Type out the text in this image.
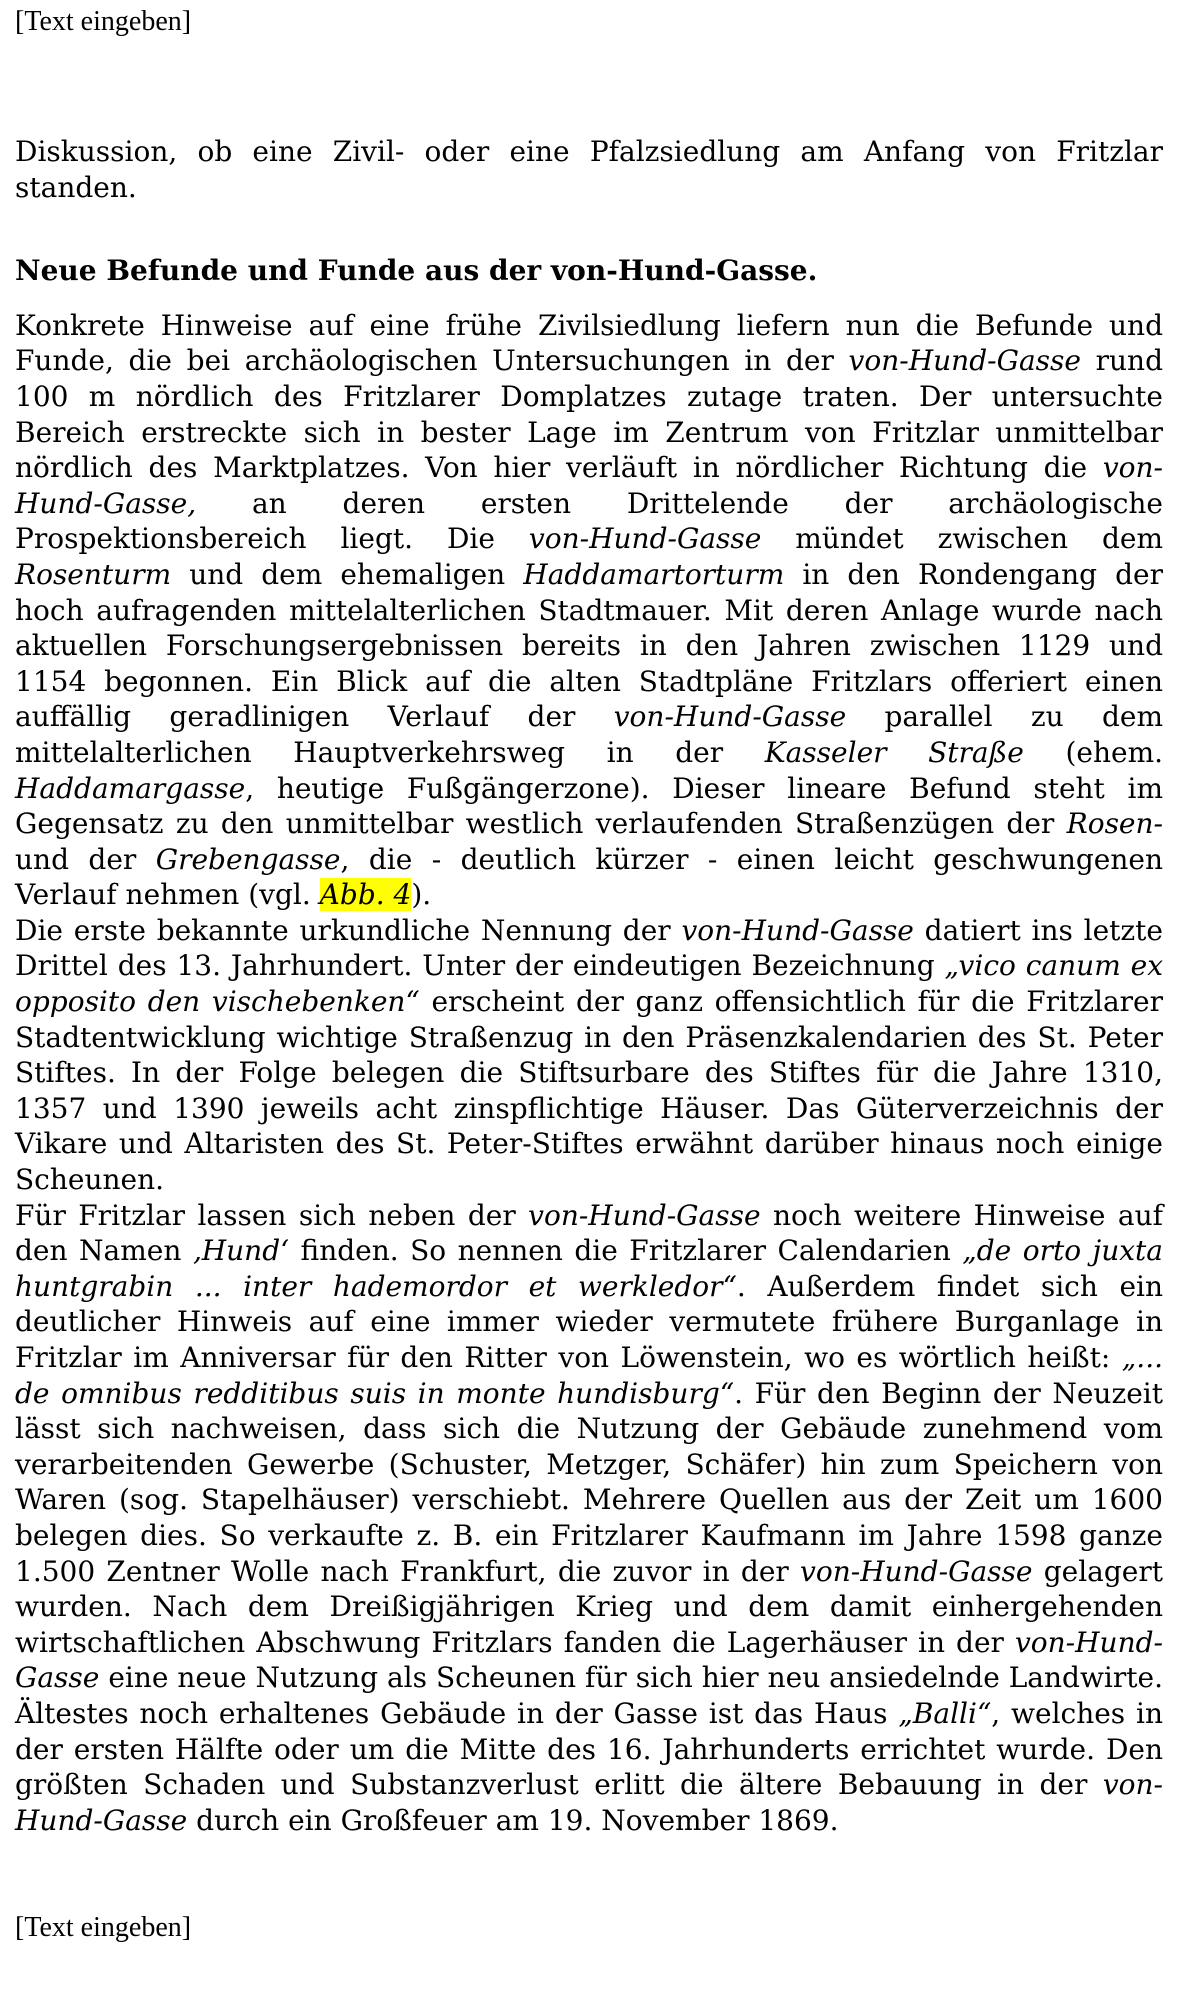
[Text eingeben]

Diskussion, ob eine Zivil- oder eine Pfalzsiedlung am Anfang von Fritzlar standen.

Neue Befunde und Funde aus der von-Hund-Gasse.

Konkrete Hinweise auf eine frühe Zivilsiedlung liefern nun die Befunde und Funde, die bei archäologischen Untersuchungen in der von-Hund-Gasse rund 100 m nördlich des Fritzlarer Domplatzes zutage traten. Der untersuchte Bereich erstreckte sich in bester Lage im Zentrum von Fritzlar unmittelbar nördlich des Marktplatzes. Von hier verläuft in nördlicher Richtung die von-Hund-Gasse, an deren ersten Drittelende der archäologische Prospektionsbereich liegt. Die von-Hund-Gasse mündet zwischen dem Rosenturm und dem ehemaligen Haddamartorturm in den Rondengang der hoch aufragenden mittelalterlichen Stadtmauer. Mit deren Anlage wurde nach aktuellen Forschungsergebnissen bereits in den Jahren zwischen 1129 und 1154 begonnen. Ein Blick auf die alten Stadtpläne Fritzlars offeriert einen auffällig geradlinigen Verlauf der von-Hund-Gasse parallel zu dem mittelalterlichen Hauptverkehrsweg in der Kasseler Straße (ehem. Haddamargasse, heutige Fußgängerzone). Dieser lineare Befund steht im Gegensatz zu den unmittelbar westlich verlaufenden Straßenzügen der Rosen- und der Grebengasse, die - deutlich kürzer - einen leicht geschwungenen Verlauf nehmen (vgl. Abb. 4).

Die erste bekannte urkundliche Nennung der von-Hund-Gasse datiert ins letzte Drittel des 13. Jahrhundert. Unter der eindeutigen Bezeichnung „vico canum ex opposito den vischebenken“ erscheint der ganz offensichtlich für die Fritzlarer Stadtentwicklung wichtige Straßenzug in den Präsenzkalendarien des St. Peter Stiftes. In der Folge belegen die Stiftsurbare des Stiftes für die Jahre 1310, 1357 und 1390 jeweils acht zinspflichtige Häuser. Das Güterverzeichnis der Vikare und Altaristen des St. Peter-Stiftes erwähnt darüber hinaus noch einige Scheunen.

Für Fritzlar lassen sich neben der von-Hund-Gasse noch weitere Hinweise auf den Namen ‚Hund‘ finden. So nennen die Fritzlarer Calendarien „de orto juxta huntgrabin ... inter hademordor et werkledor“. Außerdem findet sich ein deutlicher Hinweis auf eine immer wieder vermutete frühere Burganlage in Fritzlar im Anniversar für den Ritter von Löwenstein, wo es wörtlich heißt: „... de omnibus redditibus suis in monte hundisburg“. Für den Beginn der Neuzeit lässt sich nachweisen, dass sich die Nutzung der Gebäude zunehmend vom verarbeitenden Gewerbe (Schuster, Metzger, Schäfer) hin zum Speichern von Waren (sog. Stapelhäuser) verschiebt. Mehrere Quellen aus der Zeit um 1600 belegen dies. So verkaufte z. B. ein Fritzlarer Kaufmann im Jahre 1598 ganze 1.500 Zentner Wolle nach Frankfurt, die zuvor in der von-Hund-Gasse gelagert wurden. Nach dem Dreißigjährigen Krieg und dem damit einhergehenden wirtschaftlichen Abschwung Fritzlars fanden die Lagerhäuser in der von-Hund-Gasse eine neue Nutzung als Scheunen für sich hier neu ansiedelnde Landwirte. Ältestes noch erhaltenes Gebäude in der Gasse ist das Haus „Balli“, welches in der ersten Hälfte oder um die Mitte des 16. Jahrhunderts errichtet wurde. Den größten Schaden und Substanzverlust erlitt die ältere Bebauung in der von-Hund-Gasse durch ein Großfeuer am 19. November 1869.

[Text eingeben]
